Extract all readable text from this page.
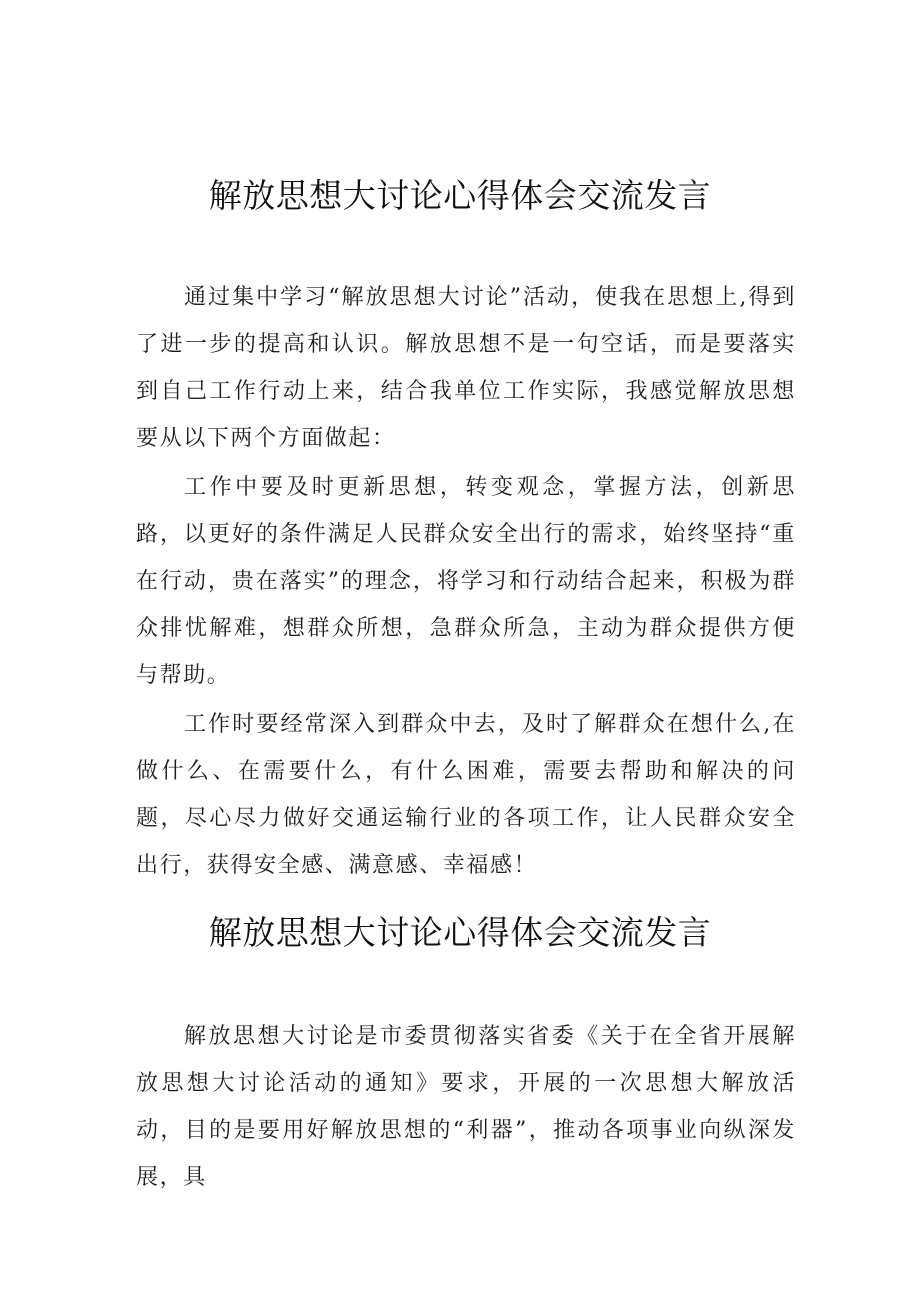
解放思想大讨论心得体会交流发言

通过集中学习“解放思想大讨论”活动，使我在思想上,得到了进一步的提高和认识。解放思想不是一句空话，而是要落实到自己工作行动上来，结合我单位工作实际，我感觉解放思想要从以下两个方面做起：

工作中要及时更新思想，转变观念，掌握方法，创新思路，以更好的条件满足人民群众安全出行的需求，始终坚持“重在行动，贵在落实”的理念，将学习和行动结合起来，积极为群众排忧解难，想群众所想，急群众所急，主动为群众提供方便与帮助。

工作时要经常深入到群众中去，及时了解群众在想什么,在做什么、在需要什么，有什么困难，需要去帮助和解决的问题，尽心尽力做好交通运输行业的各项工作，让人民群众安全出行，获得安全感、满意感、幸福感！

解放思想大讨论心得体会交流发言

解放思想大讨论是市委贯彻落实省委《关于在全省开展解放思想大讨论活动的通知》要求，开展的一次思想大解放活动，目的是要用好解放思想的“利器”，推动各项事业向纵深发展，具
